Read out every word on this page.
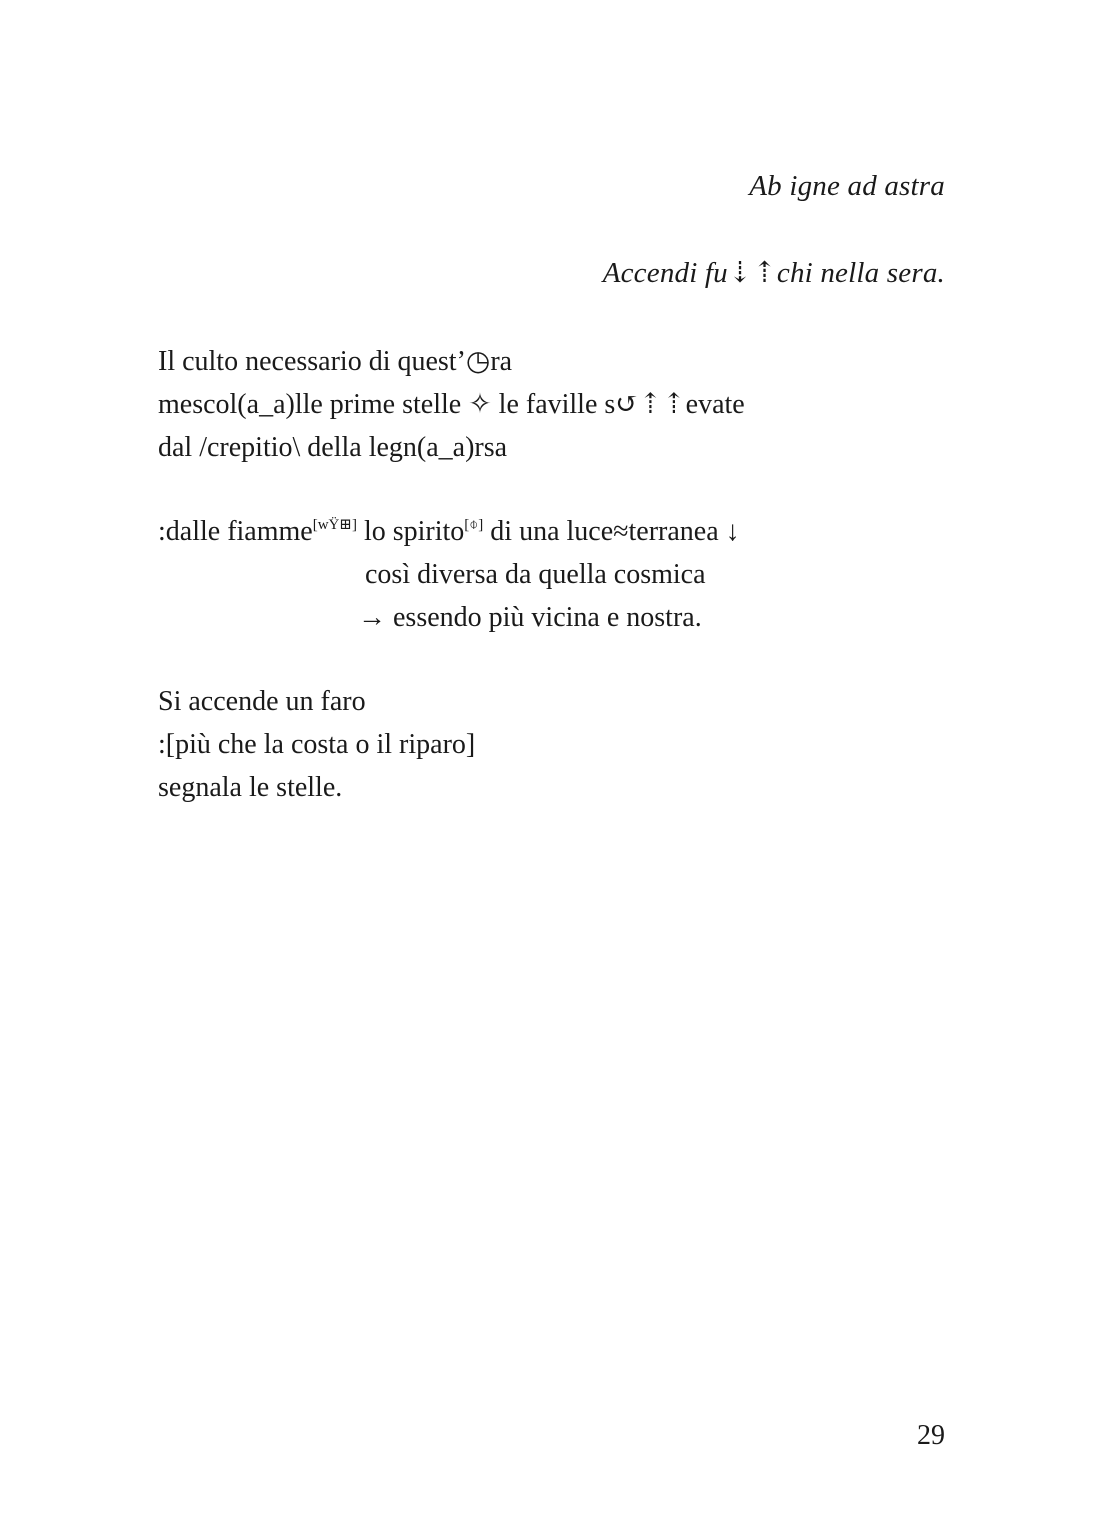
Ab igne ad astra
Accendi fu⇣⇡chi nella sera.
Il culto necessario di quest’◷ra
mescol(a_a)lle prime stelle ✧ le faville s↺⇡⇡evate
dal /crepitio\ della legn(a_a)rsa
:dalle fiamme[wŸ⊞] lo spirito[⌽] di una luce≈terranea ↓
così diversa da quella cosmica
→ essendo più vicina e nostra.
Si accende un faro
:[più che la costa o il riparo]
segnala le stelle.
29
